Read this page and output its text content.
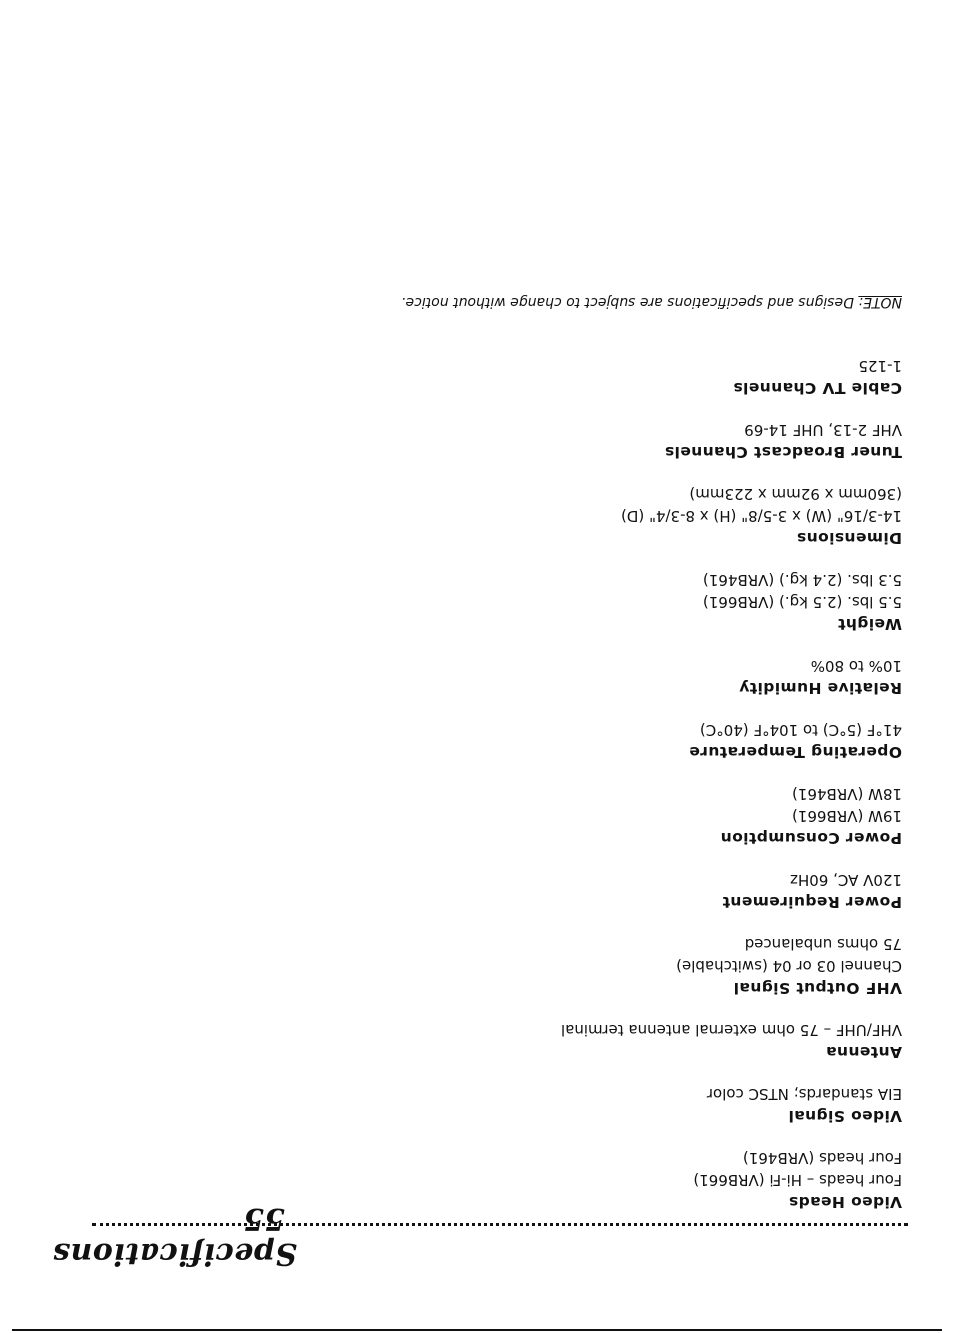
Specifications 55	Video Heads
Four heads – Hi-Fi (VRB661)
Four heads (VRB461)
Video Signal
EIA standards; NTSC color
Antenna
VHF/UHF – 75 ohm external antenna terminal
VHF Output Signal
Channel 03 or 04 (switchable)
75 ohms unbalanced
Power Requirement
120V AC, 60Hz
Power Consumption
19W (VRB661)
18W (VRB461)
Operating Temperature
41°F (5°C) to 104°F (40°C)
Relative Humidity
10% to 80%
Weight
5.5 lbs. (2.5 kg.) (VRB661)
5.3 lbs. (2.4 kg.) (VRB461)
Dimensions
14-3/16" (W) x 3-5/8" (H) x 8-3/4" (D)
(360mm x 92mm x 223mm)
Tuner Broadcast Channels
VHF 2-13, UHF 14-69
Cable TV Channels
1-125
NOTE: Designs and specifications are subject to change without notice.
